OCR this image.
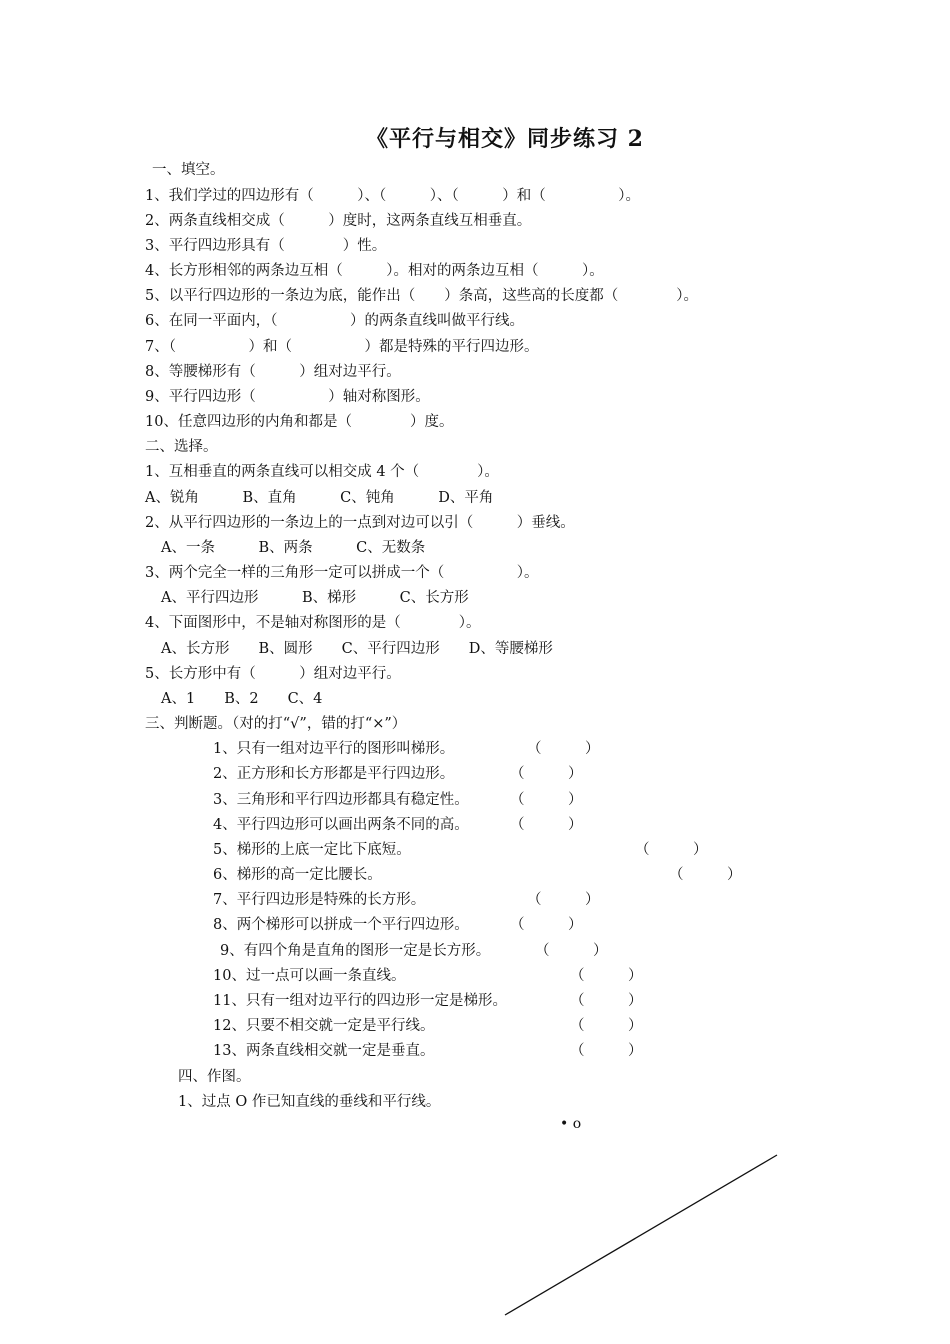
《平行与相交》同步练习 2
一、填空。
1、我们学过的四边形有（　　　）、（　　　）、（　　　）和（　　　　　）。
2、两条直线相交成（　　　）度时，这两条直线互相垂直。
3、平行四边形具有（　　　　）性。
4、长方形相邻的两条边互相（　　　）。相对的两条边互相（　　　）。
5、以平行四边形的一条边为底，能作出（　　）条高，这些高的长度都（　　　　）。
6、在同一平面内，（　　　　　）的两条直线叫做平行线。
7、（　　　　　）和（　　　　　）都是特殊的平行四边形。
8、等腰梯形有（　　　）组对边平行。
9、平行四边形（　　　　　）轴对称图形。
10、任意四边形的内角和都是（　　　　）度。
二、选择。
1、互相垂直的两条直线可以相交成 4 个（　　　　）。
A、锐角　　　B、直角　　　C、钝角　　　D、平角
2、从平行四边形的一条边上的一点到对边可以引（　　　）垂线。
A、一条　　　B、两条　　　C、无数条
3、两个完全一样的三角形一定可以拼成一个（　　　　　）。
A、平行四边形　　　B、梯形　　　C、长方形
4、下面图形中，不是轴对称图形的是（　　　　）。
A、长方形　　B、圆形　　C、平行四边形　　D、等腰梯形
5、长方形中有（　　　）组对边平行。
A、1　　B、2　　C、4
三、判断题。（对的打“√”，错的打“×”）
1、只有一组对边平行的图形叫梯形。	（　　　）
2、正方形和长方形都是平行四边形。	（　　　）
3、三角形和平行四边形都具有稳定性。	（　　　）
4、平行四边形可以画出两条不同的高。	（　　　）
5、梯形的上底一定比下底短。	（　　　）
6、梯形的高一定比腰长。	（　　　）
7、平行四边形是特殊的长方形。	（　　　）
8、两个梯形可以拼成一个平行四边形。	（　　　）
9、有四个角是直角的图形一定是长方形。	（　　　）
10、过一点可以画一条直线。	（　　　）
11、只有一组对边平行的四边形一定是梯形。	（　　　）
12、只要不相交就一定是平行线。	（　　　）
13、两条直线相交就一定是垂直。	（　　　）
四、作图。
1、过点 O 作已知直线的垂线和平行线。
• o
